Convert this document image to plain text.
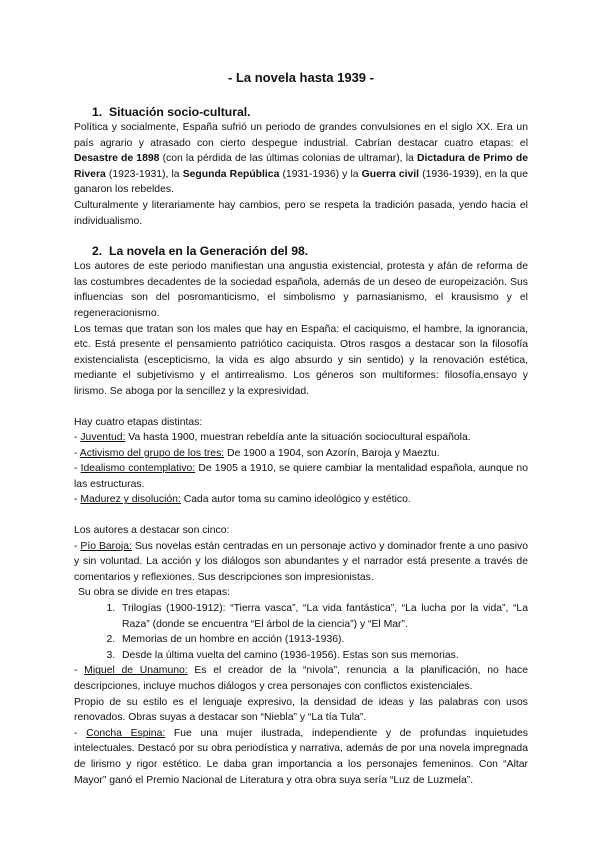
- La novela hasta 1939 -
1. Situación socio-cultural.

Política y socialmente, España sufrió un periodo de grandes convulsiones en el siglo XX. Era un país agrario y atrasado con cierto despegue industrial. Cabrían destacar cuatro etapas: el Desastre de 1898 (con la pérdida de las últimas colonias de ultramar), la Dictadura de Primo de Rivera (1923-1931), la Segunda República (1931-1936) y la Guerra civil (1936-1939), en la que ganaron los rebeldes.

Culturalmente y literariamente hay cambios, pero se respeta la tradición pasada, yendo hacia el individualismo.

2. La novela en la Generación del 98.

Los autores de este periodo manifiestan una angustia existencial, protesta y afán de reforma de las costumbres decadentes de la sociedad española, además de un deseo de europeización. Sus influencias son del posromanticismo, el simbolismo y parnasianismo, el krausismo y el regeneracionismo.

Los temas que tratan son los males que hay en España: el caciquismo, el hambre, la ignorancia, etc. Está presente el pensamiento patriótico caciquista. Otros rasgos a destacar son la filosofía existencialista (escepticismo, la vida es algo absurdo y sin sentido) y la renovación estética, mediante el subjetivismo y el antirrealismo. Los géneros son multiformes: filosofía,ensayo y lirismo. Se aboga por la sencillez y la expresividad.

Hay cuatro etapas distintas:

- Juventud: Va hasta 1900, muestran rebeldía ante la situación sociocultural española.

- Activismo del grupo de los tres: De 1900 a 1904, son Azorín, Baroja y Maeztu.

- Idealismo contemplativo: De 1905 a 1910, se quiere cambiar la mentalidad española, aunque no las estructuras.

- Madurez y disolución: Cada autor toma su camino ideológico y estético.

Los autores a destacar son cinco:

- Pío Baroja: Sus novelas están centradas en un personaje activo y dominador frente a uno pasivo y sin voluntad. La acción y los diálogos son abundantes y el narrador está presente a través de comentarios y reflexiones. Sus descripciones son impresionistas.

Su obra se divide en tres etapas:

1. Trilogías (1900-1912): “Tierra vasca”, “La vida fantástica”, “La lucha por la vida”, “La Raza” (donde se encuentra “El árbol de la ciencia”) y “El Mar”.
2. Memorias de un hombre en acción (1913-1936).
3. Desde la última vuelta del camino (1936-1956). Estas son sus memorias.

- Miguel de Unamuno: Es el creador de la “nivola”, renuncia a la planificación, no hace descripciones, incluye muchos diálogos y crea personajes con conflictos existenciales.

Propio de su estilo es el lenguaje expresivo, la densidad de ideas y las palabras con usos renovados. Obras suyas a destacar son “Niebla” y “La tía Tula”.

- Concha Espina: Fue una mujer ilustrada, independiente y de profundas inquietudes intelectuales. Destacó por su obra periodística y narrativa, además de por una novela impregnada de lirismo y rigor estético. Le daba gran importancia a los personajes femeninos. Con “Altar Mayor” ganó el Premio Nacional de Literatura y otra obra suya sería “Luz de Luzmela”.
